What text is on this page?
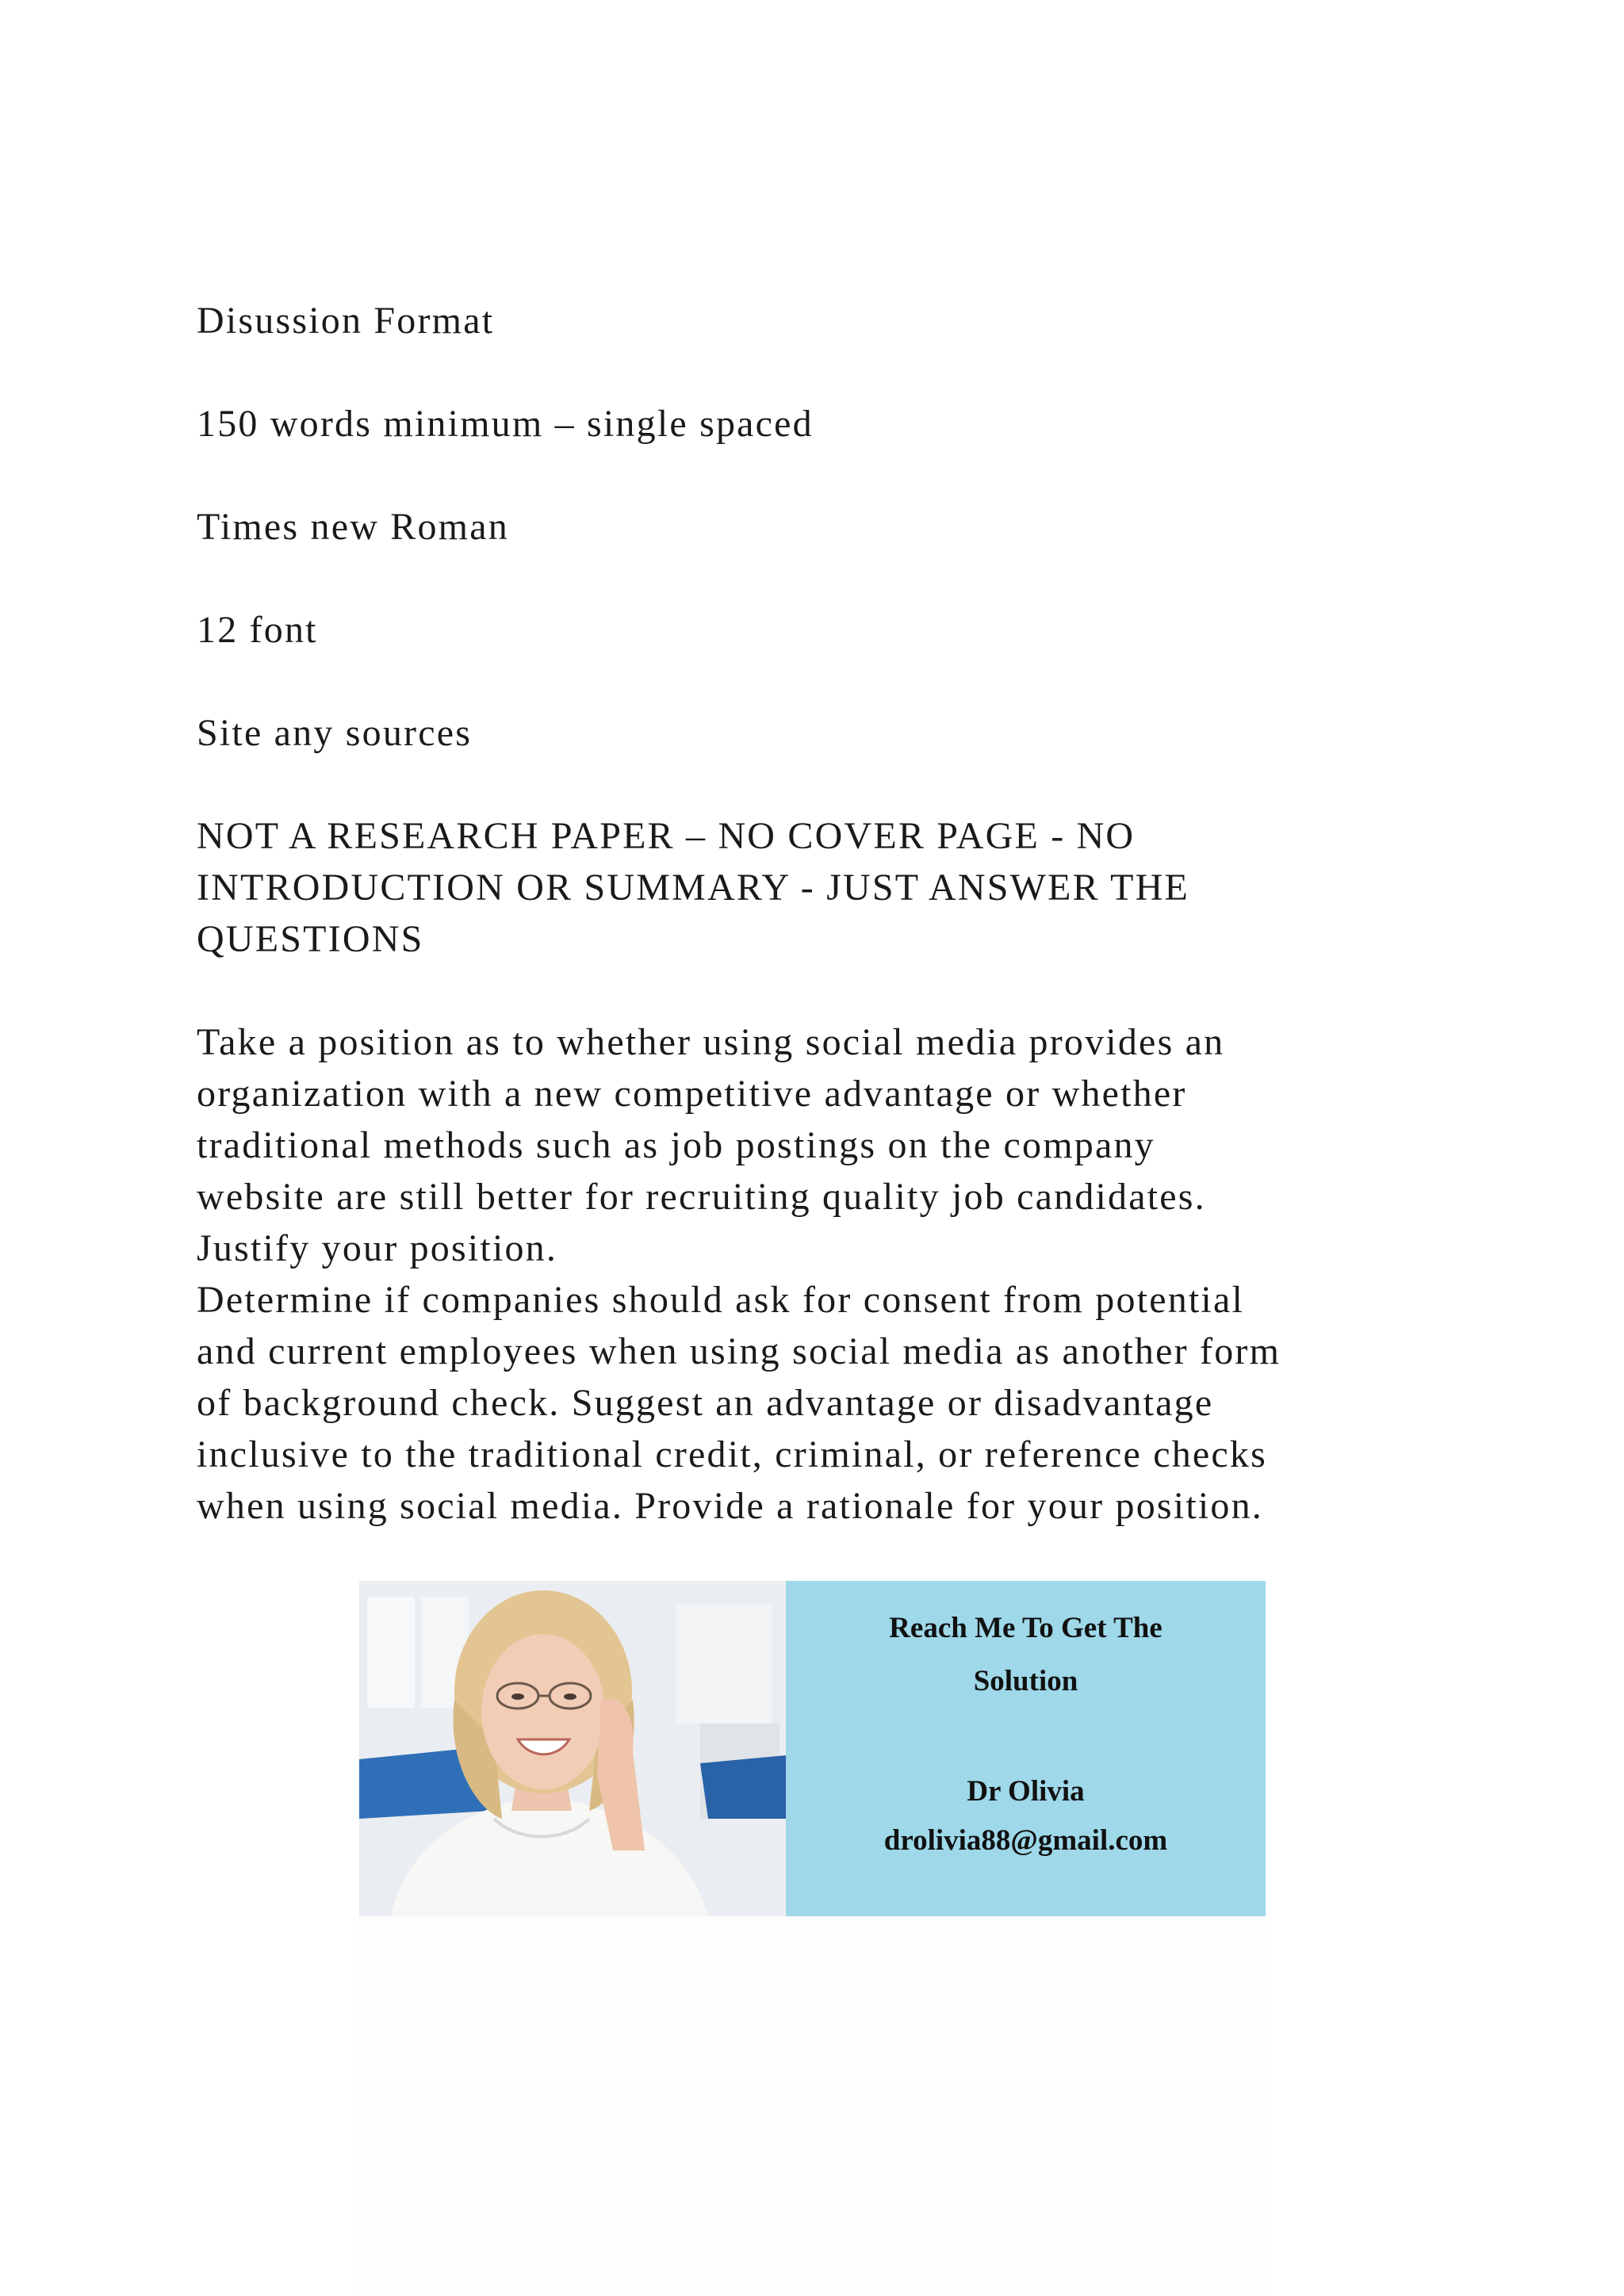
Disussion Format

150 words minimum – single spaced

Times new Roman

12 font

Site any sources

NOT A RESEARCH PAPER – NO COVER PAGE - NO
INTRODUCTION OR SUMMARY - JUST ANSWER THE
QUESTIONS

Take a position as to whether using social media provides an
organization with a new competitive advantage or whether
traditional methods such as job postings on the company
website are still better for recruiting quality job candidates.
Justify your position.

Determine if companies should ask for consent from potential
and current employees when using social media as another form
of background check. Suggest an advantage or disadvantage
inclusive to the traditional credit, criminal, or reference checks
when using social media. Provide a rationale for your position.

Reach Me To Get The
Solution
Dr Olivia
drolivia88@gmail.com
